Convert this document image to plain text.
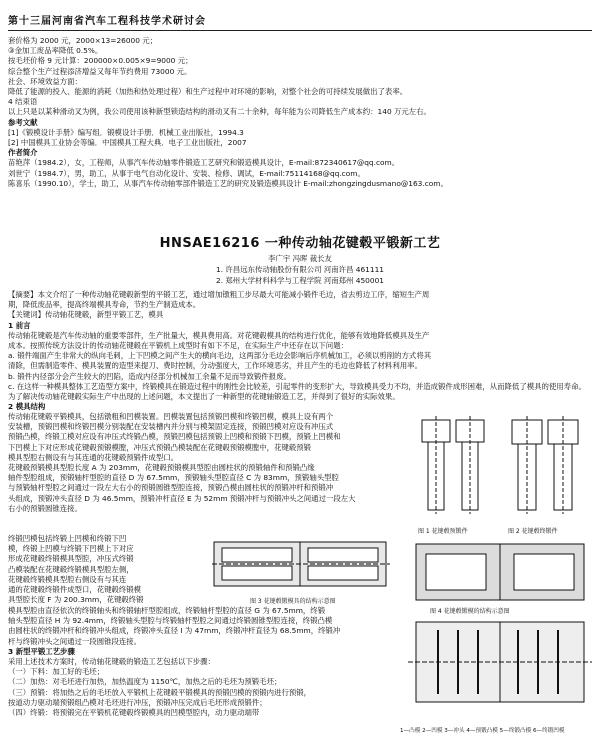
第十三届河南省汽车工程科技学术研讨会

套价格为 2000 元，2000×13=26000 元；

③金加工废品率降低 0.5%。

按毛坯价格 9 元计算：200000×0.005×9=9000 元；

综合整个生产过程添济增益又每年节约费用 73000 元。

社会、环境效益方面：

降低了能源的投入、能源的消耗（加热和热处理过程）和生产过程中对环境的影响，对整个社会的可持续发展做出了表率。

4 结束语

以上只是以某种滑动叉为例，我公司使用该种新型锁造结构的滑动叉有二十余种，每年能为公司降低生产成本约：140 万元左右。

参考文献

[1]《锻模设计手册》编写组．锻模设计手册．机械工业出版社，1994.3

[2] 中国模具工业协会等编．中国模具工程大典．电子工业出版社，2007

作者简介

苗艳萍（1984.2），女，工程师，从事汽车传动轴零件锻造工艺研究和锻造模具设计，E-mail:872340617@qq.com。

刘世宁（1984.7），男，助工，从事于电气自动化设计、安装、检修、调试，E-mail:75114168@qq.com。

陈喜乐（1990.10），学士，助工，从事汽车传动轴零部件锻造工艺的研究及锻造模具设计 E-mail:zhongzingdusmano@163.com。

HNSAE16216 一种传动轴花键毂平锻新工艺
李广宇 冯晖 裁长友
1. 许昌远东传动轴股份有限公司 河南许昌 461111
2. 郑州大学材料科学与工程学院 河南郑州 450001

【摘要】本文介绍了一种传动轴花键毂新型的平锻工艺，通过增加镦粗工步尽最大可能减小锻件毛边，省去剪边工序，缩短生产周

期，降低废品率，提高终端模具寿命，节约生产制造成本。

【关键词】传动轴花键毂，新型平锻工艺，模具

1 前言

传动轴花键毂是汽车传动轴的重要零部件，生产批量大，模具费用高。对花键毂模具的结构进行优化，能够有效地降低模具及生产

成本。按照传统方法设计的传动轴花键毂在平锻机上成型时有如下不足，在实际生产中还存在以下问题：

a. 锻件端面产生非常大的纵向毛刺，上下凹模之间产生大的横向毛边，这两部分毛边会影响后序机械加工，必须以剪削的方式将其

清除，但需制造零件、模具装置的造型来提刀、费时控制，分动强度大，工作环境恶劣，并且产生的毛边也降低了材料利用率。

b. 锻件内径部分会产生较大的凹陷，造成内径部分机械加工余量不足而导致锻件报废。

c. 在这样一种模具整体工艺造型方案中，终锻模具在锻造过程中的刚性会比较差，引起零件的变形扩大，导致模具受力不均，并造成锻件成形困难，从而降低了模具的使用寿命。

为了解决传动轴花键毂实际生产中出现的上述问题，本文提出了一种新型的花键轴锻造工艺，并得到了很好的实际效果。

2 模具结构

传动轴花键毂平锻模具，包括镦粗和凹模装置。凹模装置包括预锻凹模和终锻凹模，模具上设有两个

安装槽，预锻凹模和终锻凹模分别装配在安装槽内并分别与模架固定连接，预锻凹模对应设有冲压式

预锻凸模，终锻工模对应设有冲压式终锻凸模，预锻凹模包括预锻上凹模和预锻下凹模，预锻上凹模和

下凹模上下对应形成花键毂预锻模膛，冲压式预锻凸模装配在花键毂预锻模膛中，花键毂预锻

模具型腔右侧设有与其连通的花键毂预锻件成型口。

花键毂预锻模具型腔长度 A 为 203mm，花键毂预锻模具型腔由圆柱状的预锻轴件和预锻凸缘

轴件型腔组成，预锻轴杆型腔的直径 D 为 67.5mm，预锻轴头型腔直径 C 为 83mm，预锻轴头型腔

与预锻轴杆型腔之间通过一段左大右小的预锻圆锥型腔连接，预锻凸模由圆柱状的预锻冲杆和预锻冲

头组成，预锻冲头直径 D 为 46.5mm，预锻冲杆直径 E 为 52mm 预锻冲杆与预锻冲头之间通过一段左大

右小的预锻圆锥连接。

终锻凹模包括终锻上凹模和终锻下凹

模，终锻上凹模与终锻下凹模上下对应

形成花键毂终锻模具型腔，冲压式终锻

凸模装配在花键毂终锻模具型腔左侧，

花键毂终锻模具型腔右侧设有与其连

通的花键毂终锻件成型口，花键毂终锻模

具型腔长度 F 为 200.3mm，花键毂终锻

模具型腔由直径依次的终锻轴头和终锻轴杆型腔组成，终锻轴杆型腔的直径 G 为 67.5mm，终锻

轴头型腔直径 H 为 92.4mm，终锻轴头型腔与终锻轴杆型腔之间通过终锻圆锥型腔连接，终锻凸模

由圆柱状的终锻冲杆和终锻冲头组成，终锻冲头直径 I 为 47mm，终锻冲杆直径为 68.5mm，终锻冲

杆与终锻冲头之间通过一段圆锥段连接。

3 新型平锻工艺步骤

采用上述技术方案时，传动轴花键毂的锻造工艺包括以下步骤：

（一）下料：加工好的毛坯；

（二）加热：对毛坯进行加热，加热温度为 1150℃，加热之后的毛坯为预锻毛坯；

（三）预锻：将加热之后的毛坯放入平锻机上花键毂平锻模具的预锻凹模的预锻内进行预锻，

按道动力驱动端预锻组凸模对毛坯进行冲压，预锻冲压完成后毛坯形成预锻件；

（四）终锻：将预锻完在平锻机花键毂终锻模具的凹模型腔内，动力驱动端带

图 1 花键毂预锻件	图 2 花键毂终锻件
图 3 花键毂锻模具的结构示意图
图 4 花键毂锻模的结构示意图
1—凸模 2—凹模 3—冲头 4—预锻凸模 5—终锻凸模 6—终锻凹模
